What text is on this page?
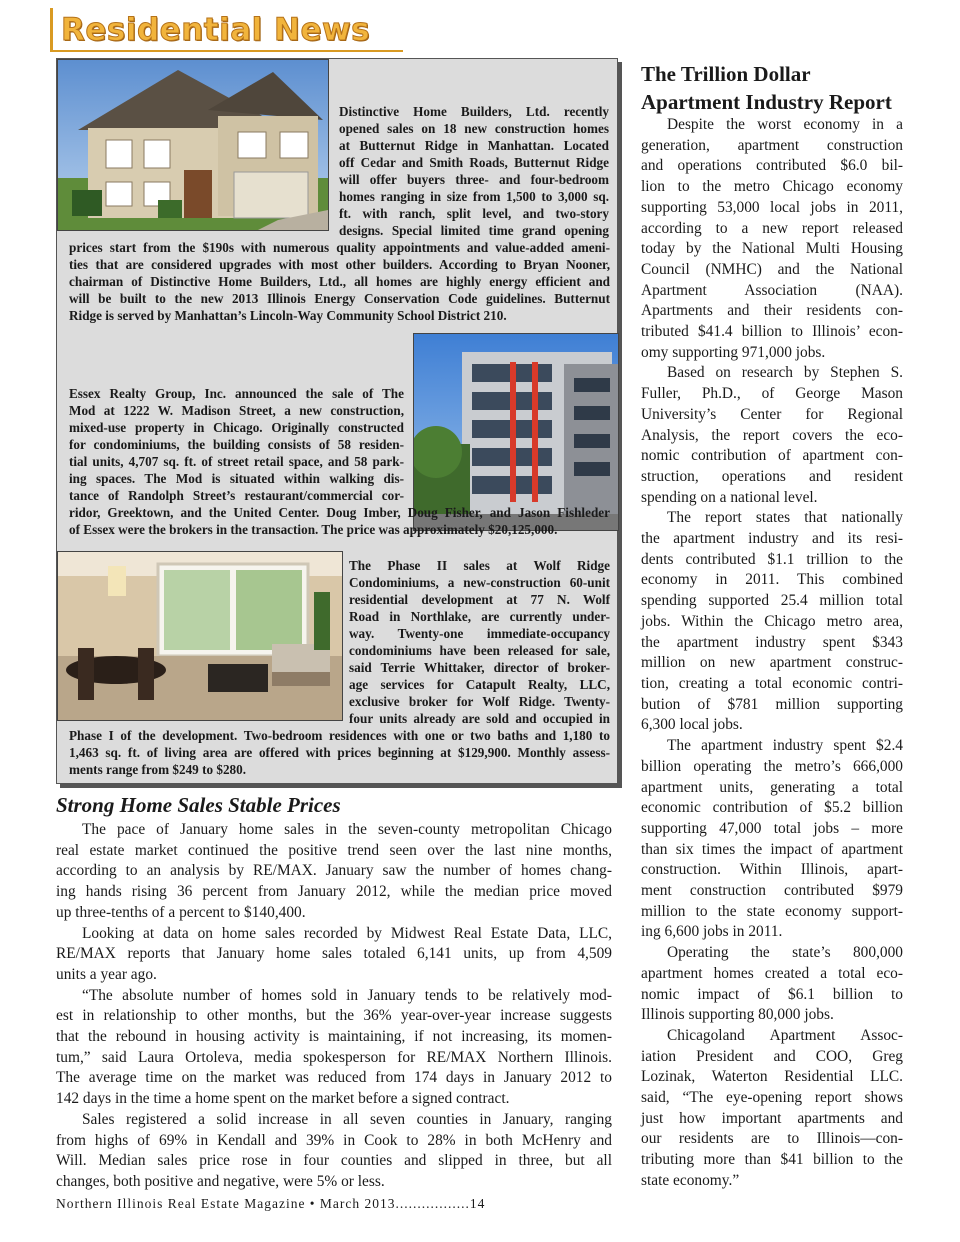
Residential News
Distinctive Home Builders, Ltd. recently
opened sales on 18 new construction homes
at Butternut Ridge in Manhattan. Located
off Cedar and Smith Roads, Butternut Ridge
will offer buyers three- and four-bedroom
homes ranging in size from 1,500 to 3,000 sq.
ft. with ranch, split level, and two-story
designs. Special limited time grand opening
prices start from the $190s with numerous quality appointments and value-added ameni-
ties that are considered upgrades with most other builders. According to Bryan Nooner,
chairman of Distinctive Home Builders, Ltd., all homes are highly energy efficient and
will be built to the new 2013 Illinois Energy Conservation Code guidelines. Butternut
Ridge is served by Manhattan’s Lincoln-Way Community School District 210.
Essex Realty Group, Inc. announced the sale of The
Mod at 1222 W. Madison Street, a new construction,
mixed-use property in Chicago. Originally constructed
for condominiums, the building consists of 58 residen-
tial units, 4,707 sq. ft. of street retail space, and 58 park-
ing spaces. The Mod is situated within walking dis-
tance of Randolph Street’s restaurant/commercial cor-
ridor, Greektown, and the United Center. Doug Imber, Doug Fisher, and Jason Fishleder
of Essex were the brokers in the transaction. The price was approximately $20,125,000.
The Phase II sales at Wolf Ridge
Condominiums, a new-construction 60-unit
residential development at 77 N. Wolf
Road in Northlake, are currently under-
way. Twenty-one immediate-occupancy
condominiums have been released for sale,
said Terrie Whittaker, director of broker-
age services for Catapult Realty, LLC,
exclusive broker for Wolf Ridge. Twenty-
four units already are sold and occupied in
Phase I of the development. Two-bedroom residences with one or two baths and 1,180 to
1,463 sq. ft. of living area are offered with prices beginning at $129,900. Monthly assess-
ments range from $249 to $280.
Strong Home Sales Stable Prices
The pace of January home sales in the seven-county metropolitan Chicago
real estate market continued the positive trend seen over the last nine months,
according to an analysis by RE/MAX. January saw the number of homes chang-
ing hands rising 36 percent from January 2012, while the median price moved
up three-tenths of a percent to $140,400.
Looking at data on home sales recorded by Midwest Real Estate Data, LLC,
RE/MAX reports that January home sales totaled 6,141 units, up from 4,509
units a year ago.
“The absolute number of homes sold in January tends to be relatively mod-
est in relationship to other months, but the 36% year-over-year increase suggests
that the rebound in housing activity is maintaining, if not increasing, its momen-
tum,” said Laura Ortoleva, media spokesperson for RE/MAX Northern Illinois.
The average time on the market was reduced from 174 days in January 2012 to
142 days in the time a home spent on the market before a signed contract.
Sales registered a solid increase in all seven counties in January, ranging
from highs of 69% in Kendall and 39% in Cook to 28% in both McHenry and
Will. Median sales price rose in four counties and slipped in three, but all
changes, both positive and negative, were 5% or less.
The Trillion Dollar
Apartment Industry Report
Despite the worst economy in a
generation, apartment construction
and operations contributed $6.0 bil-
lion to the metro Chicago economy
supporting 53,000 local jobs in 2011,
according to a new report released
today by the National Multi Housing
Council (NMHC) and the National
Apartment Association (NAA).
Apartments and their residents con-
tributed $41.4 billion to Illinois’ econ-
omy supporting 971,000 jobs.
Based on research by Stephen S.
Fuller, Ph.D., of George Mason
University’s Center for Regional
Analysis, the report covers the eco-
nomic contribution of apartment con-
struction, operations and resident
spending on a national level.
The report states that nationally
the apartment industry and its resi-
dents contributed $1.1 trillion to the
economy in 2011. This combined
spending supported 25.4 million total
jobs. Within the Chicago metro area,
the apartment industry spent $343
million on new apartment construc-
tion, creating a total economic contri-
bution of $781 million supporting
6,300 local jobs.
The apartment industry spent $2.4
billion operating the metro’s 666,000
apartment units, generating a total
economic contribution of $5.2 billion
supporting 47,000 total jobs – more
than six times the impact of apartment
construction. Within Illinois, apart-
ment construction contributed $979
million to the state economy support-
ing 6,600 jobs in 2011.
Operating the state’s 800,000
apartment homes created a total eco-
nomic impact of $6.1 billion to
Illinois supporting 80,000 jobs.
Chicagoland Apartment Assoc-
iation President and COO, Greg
Lozinak, Waterton Residential LLC.
said, “The eye-opening report shows
just how important apartments and
our residents are to Illinois—con-
tributing more than $41 billion to the
state economy.”
Northern Illinois Real Estate Magazine • March 2013.................14
